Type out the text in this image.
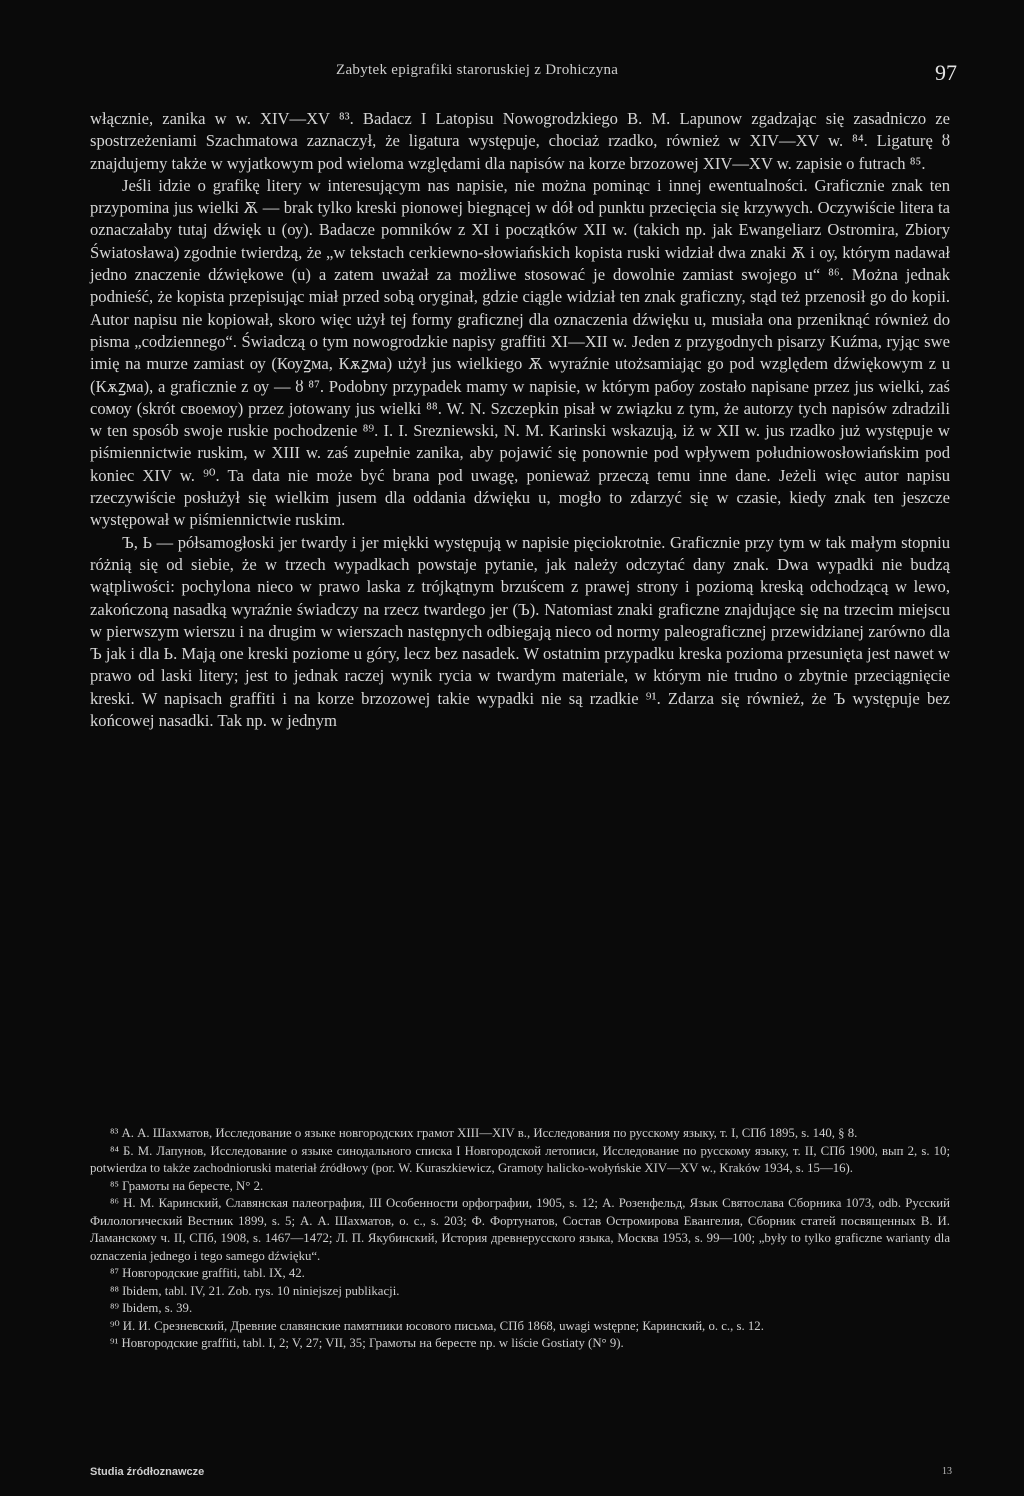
Zabytek epigrafiki staroruskiej z Drohiczyna	97

włącznie, zanika w w. XIV—XV ⁸³. Badacz I Latopisu Nowogrodzkiego B. M. Lapunow zgadzając się zasadniczo ze spostrzeżeniami Szachmatowa zaznaczył, że ligatura występuje, chociaż rzadko, również w XIV—XV w. ⁸⁴. Ligaturę ȣ znajdujemy także w wyjatkowym pod wieloma względami dla napisów na korze brzozowej XIV—XV w. zapisie o futrach ⁸⁵.

Jeśli idzie o grafikę litery w interesującym nas napisie, nie można pominąc i innej ewentualności. Graficznie znak ten przypomina jus wielki Ѫ — brak tylko kreski pionowej biegnącej w dół od punktu przecięcia się krzywych. Oczywiście litera ta oznaczałaby tutaj dźwięk u (оу). Badacze pomników z XI i początków XII w. (takich np. jak Ewangeliarz Ostromira, Zbiory Światosława) zgodnie twierdzą, że „w tekstach cerkiewno-słowiańskich kopista ruski widział dwa znaki Ѫ i оу, którym nadawał jedno znaczenie dźwiękowe (u) a zatem uważał za możliwe stosować je dowolnie zamiast swojego u“ ⁸⁶. Można jednak podnieść, że kopista przepisując miał przed sobą oryginał, gdzie ciągle widział ten znak graficzny, stąd też przenosił go do kopii. Autor napisu nie kopiował, skoro więc użył tej formy graficznej dla oznaczenia dźwięku u, musiała ona przeniknąć również do pisma „codziennego“. Świadczą o tym nowogrodzkie napisy graffiti XI—XII w. Jeden z przygodnych pisarzy Kuźma, ryjąc swe imię na murze zamiast оу (Коуꙁма, Кѫꙁма) użył jus wielkiego Ѫ wyraźnie utożsamiając go pod względem dźwiękowym z u (Кѫꙁма), a graficznie z оу — ȣ ⁸⁷. Podobny przypadek mamy w napisie, w którym рабоу zostało napisane przez jus wielki, zaś сомоу (skrót своемоу) przez jotowany jus wielki ⁸⁸. W. N. Szczepkin pisał w związku z tym, że autorzy tych napisów zdradzili w ten sposób swoje ruskie pochodzenie ⁸⁹. I. I. Srezniewski, N. M. Karinski wskazują, iż w XII w. jus rzadko już występuje w piśmiennictwie ruskim, w XIII w. zaś zupełnie zanika, aby pojawić się ponownie pod wpływem południowosłowiańskim pod koniec XIV w. ⁹⁰. Ta data nie może być brana pod uwagę, ponieważ przeczą temu inne dane. Jeżeli więc autor napisu rzeczywiście posłużył się wielkim jusem dla oddania dźwięku u, mogło to zdarzyć się w czasie, kiedy znak ten jeszcze występował w piśmiennictwie ruskim.

Ъ, Ь — półsamogłoski jer twardy i jer miękki występują w napisie pięciokrotnie. Graficznie przy tym w tak małym stopniu różnią się od siebie, że w trzech wypadkach powstaje pytanie, jak należy odczytać dany znak. Dwa wypadki nie budzą wątpliwości: pochylona nieco w prawo laska z trójkątnym brzuścem z prawej strony i poziomą kreską odchodzącą w lewo, zakończoną nasadką wyraźnie świadczy na rzecz twardego jer (Ъ). Natomiast znaki graficzne znajdujące się na trzecim miejscu w pierwszym wierszu i na drugim w wierszach następnych odbiegają nieco od normy paleograficznej przewidzianej zarówno dla Ъ jak i dla Ь. Mają one kreski poziome u góry, lecz bez nasadek. W ostatnim przypadku kreska pozioma przesunięta jest nawet w prawo od laski litery; jest to jednak raczej wynik rycia w twardym materiale, w którym nie trudno o zbytnie przeciągnięcie kreski. W napisach graffiti i na korze brzozowej takie wypadki nie są rzadkie ⁹¹. Zdarza się również, że Ъ występuje bez końcowej nasadki. Tak np. w jednym

⁸³ А. А. Шахматов, Исследование о языке новгородских грамот XIII—XIV в., Исследования по русскому языку, т. I, СПб 1895, s. 140, § 8.

⁸⁴ Б. М. Лапунов, Исследование о языке синодального списка I Новгородской летописи, Исследование по русскому языку, т. II, СПб 1900, вып 2, s. 10; potwierdza to także zachodnioruski materiał źródłowy (por. W. Kuraszkiewicz, Gramoty halicko-wołyńskie XIV—XV w., Kraków 1934, s. 15—16).

⁸⁵ Грамоты на бересте, N° 2.

⁸⁶ Н. М. Каринский, Славянская палеография, III Особенности орфографии, 1905, s. 12; А. Розенфельд, Язык Святослава Сборника 1073, odb. Русский Филологический Вестник 1899, s. 5; А. А. Шахматов, o. c., s. 203; Ф. Фортунатов, Состав Остромирова Евангелия, Сборник статей посвященных В. И. Ламанскому ч. II, СПб, 1908, s. 1467—1472; Л. П. Якубинский, История древнерусского языка, Москва 1953, s. 99—100; „były to tylko graficzne warianty dla oznaczenia jednego i tego samego dźwięku“.

⁸⁷ Новгородские graffiti, tabl. IX, 42.

⁸⁸ Ibidem, tabl. IV, 21. Zob. rys. 10 niniejszej publikacji.

⁸⁹ Ibidem, s. 39.

⁹⁰ И. И. Срезневский, Древние славянские памятники юсового письма, СПб 1868, uwagi wstępne; Каринский, o. c., s. 12.

⁹¹ Новгородские graffiti, tabl. I, 2; V, 27; VII, 35; Грамоты на бересте np. w liście Gostiaty (N° 9).

Studia źródłoznawcze	13
